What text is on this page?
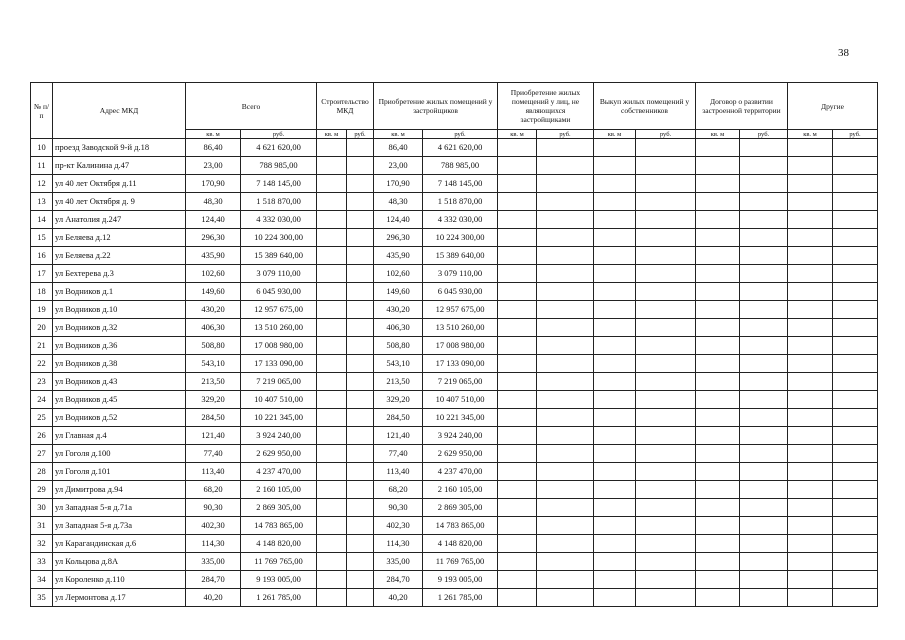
38
№ п/п	Адрес МКД	Всего		Строительство МКД		Приобретение жилых помещений у застройщиков		Приобретение жилых помещений у лиц, не являющихся застройщиками		Выкуп жилых помещений у собственников		Договор о развитии застроенной территории		Другие	
		кв. м	руб.	кв. м	руб.	кв. м	руб.	кв. м	руб.	кв. м	руб.	кв. м	руб.	кв. м	руб.
10	проезд Заводской 9-й д.18	86,40	4 621 620,00			86,40	4 621 620,00								
11	пр-кт Калинина д.47	23,00	788 985,00			23,00	788 985,00								
12	ул 40 лет Октября д.11	170,90	7 148 145,00			170,90	7 148 145,00								
13	ул 40 лет Октября д. 9	48,30	1 518 870,00			48,30	1 518 870,00								
14	ул Анатолия д.247	124,40	4 332 030,00			124,40	4 332 030,00								
15	ул Беляева д.12	296,30	10 224 300,00			296,30	10 224 300,00								
16	ул Беляева д.22	435,90	15 389 640,00			435,90	15 389 640,00								
17	ул Бехтерева д.3	102,60	3 079 110,00			102,60	3 079 110,00								
18	ул Водников д.1	149,60	6 045 930,00			149,60	6 045 930,00								
19	ул Водников д.10	430,20	12 957 675,00			430,20	12 957 675,00								
20	ул Водников д.32	406,30	13 510 260,00			406,30	13 510 260,00								
21	ул Водников д.36	508,80	17 008 980,00			508,80	17 008 980,00								
22	ул Водников д.38	543,10	17 133 090,00			543,10	17 133 090,00								
23	ул Водников д.43	213,50	7 219 065,00			213,50	7 219 065,00								
24	ул Водников д.45	329,20	10 407 510,00			329,20	10 407 510,00								
25	ул Водников д.52	284,50	10 221 345,00			284,50	10 221 345,00								
26	ул Главная д.4	121,40	3 924 240,00			121,40	3 924 240,00								
27	ул Гоголя д.100	77,40	2 629 950,00			77,40	2 629 950,00								
28	ул Гоголя д.101	113,40	4 237 470,00			113,40	4 237 470,00								
29	ул Димитрова д.94	68,20	2 160 105,00			68,20	2 160 105,00								
30	ул Западная 5-я д.71а	90,30	2 869 305,00			90,30	2 869 305,00								
31	ул Западная 5-я д.73а	402,30	14 783 865,00			402,30	14 783 865,00								
32	ул Карагандинская д.6	114,30	4 148 820,00			114,30	4 148 820,00								
33	ул Кольцова д.8А	335,00	11 769 765,00			335,00	11 769 765,00								
34	ул Короленко д.110	284,70	9 193 005,00			284,70	9 193 005,00								
35	ул Лермонтова д.17	40,20	1 261 785,00			40,20	1 261 785,00								
